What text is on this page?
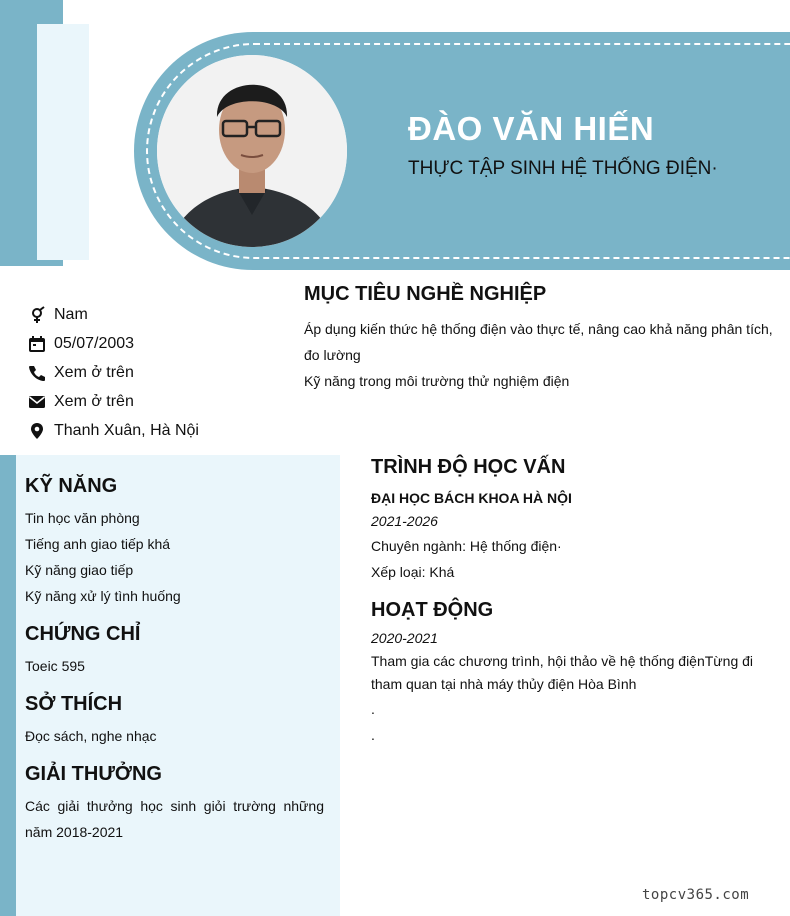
ĐÀO VĂN HIẾN
THỰC TẬP SINH HỆ THỐNG ĐIỆN·
Nam
05/07/2003
Xem ở trên
Xem ở trên
Thanh Xuân, Hà Nội
MỤC TIÊU NGHỀ NGHIỆP

Áp dụng kiến thức hệ thống điện vào thực tế, nâng cao khả năng phân tích, đo lường

Kỹ năng trong môi trường thử nghiệm điện

KỸ NĂNG

Tin học văn phòng

Tiếng anh giao tiếp khá

Kỹ năng giao tiếp

Kỹ năng xử lý tình huống

CHỨNG CHỈ

Toeic 595

SỞ THÍCH

Đọc sách, nghe nhạc

GIẢI THƯỞNG

Các giải thưởng học sinh giỏi trường những năm 2018-2021

TRÌNH ĐỘ HỌC VẤN

ĐẠI HỌC BÁCH KHOA HÀ NỘI

2021-2026

Chuyên ngành: Hệ thống điện·

Xếp loại: Khá

HOẠT ĐỘNG

2020-2021

Tham gia các chương trình, hội thảo về hệ thống điệnTừng đi tham quan tại nhà máy thủy điện Hòa Bình

.

.

topcv365.com
